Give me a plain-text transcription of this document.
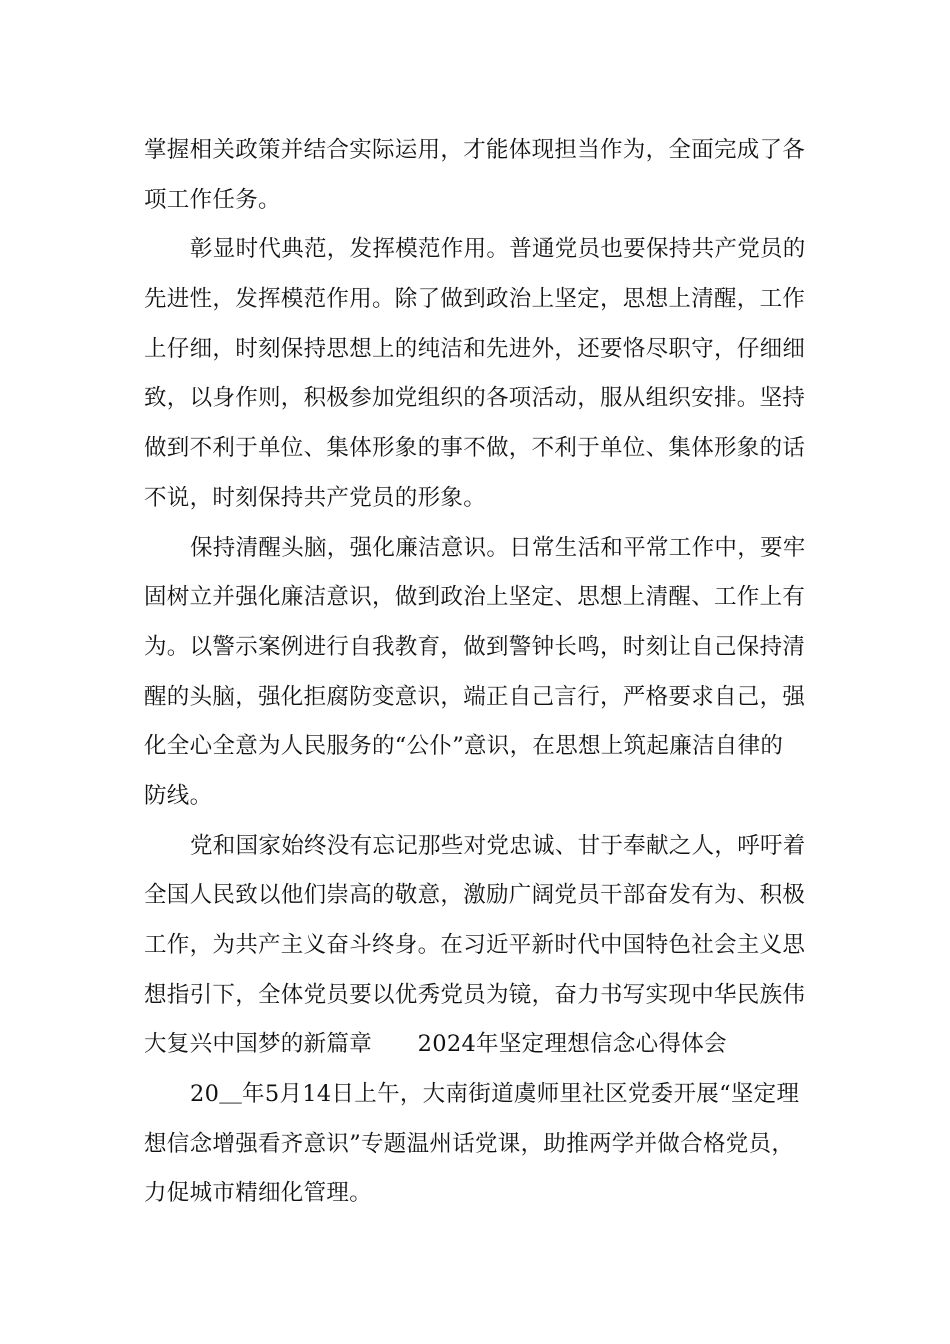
掌握相关政策并结合实际运用，才能体现担当作为，全面完成了各
项工作任务。
彰显时代典范，发挥模范作用。普通党员也要保持共产党员的
先进性，发挥模范作用。除了做到政治上坚定，思想上清醒，工作
上仔细，时刻保持思想上的纯洁和先进外，还要恪尽职守，仔细细
致，以身作则，积极参加党组织的各项活动，服从组织安排。坚持
做到不利于单位、集体形象的事不做，不利于单位、集体形象的话
不说，时刻保持共产党员的形象。
保持清醒头脑，强化廉洁意识。日常生活和平常工作中，要牢
固树立并强化廉洁意识，做到政治上坚定、思想上清醒、工作上有
为。以警示案例进行自我教育，做到警钟长鸣，时刻让自己保持清
醒的头脑，强化拒腐防变意识，端正自己言行，严格要求自己，强
化全心全意为人民服务的“公仆”意识，在思想上筑起廉洁自律的
防线。
党和国家始终没有忘记那些对党忠诚、甘于奉献之人，呼吁着
全国人民致以他们崇高的敬意，激励广阔党员干部奋发有为、积极
工作，为共产主义奋斗终身。在习近平新时代中国特色社会主义思
想指引下，全体党员要以优秀党员为镜，奋力书写实现中华民族伟
大复兴中国梦的新篇章　　2024年坚定理想信念心得体会
20＿年5月14日上午，大南街道虞师里社区党委开展“坚定理
想信念增强看齐意识”专题温州话党课，助推两学并做合格党员，
力促城市精细化管理。
